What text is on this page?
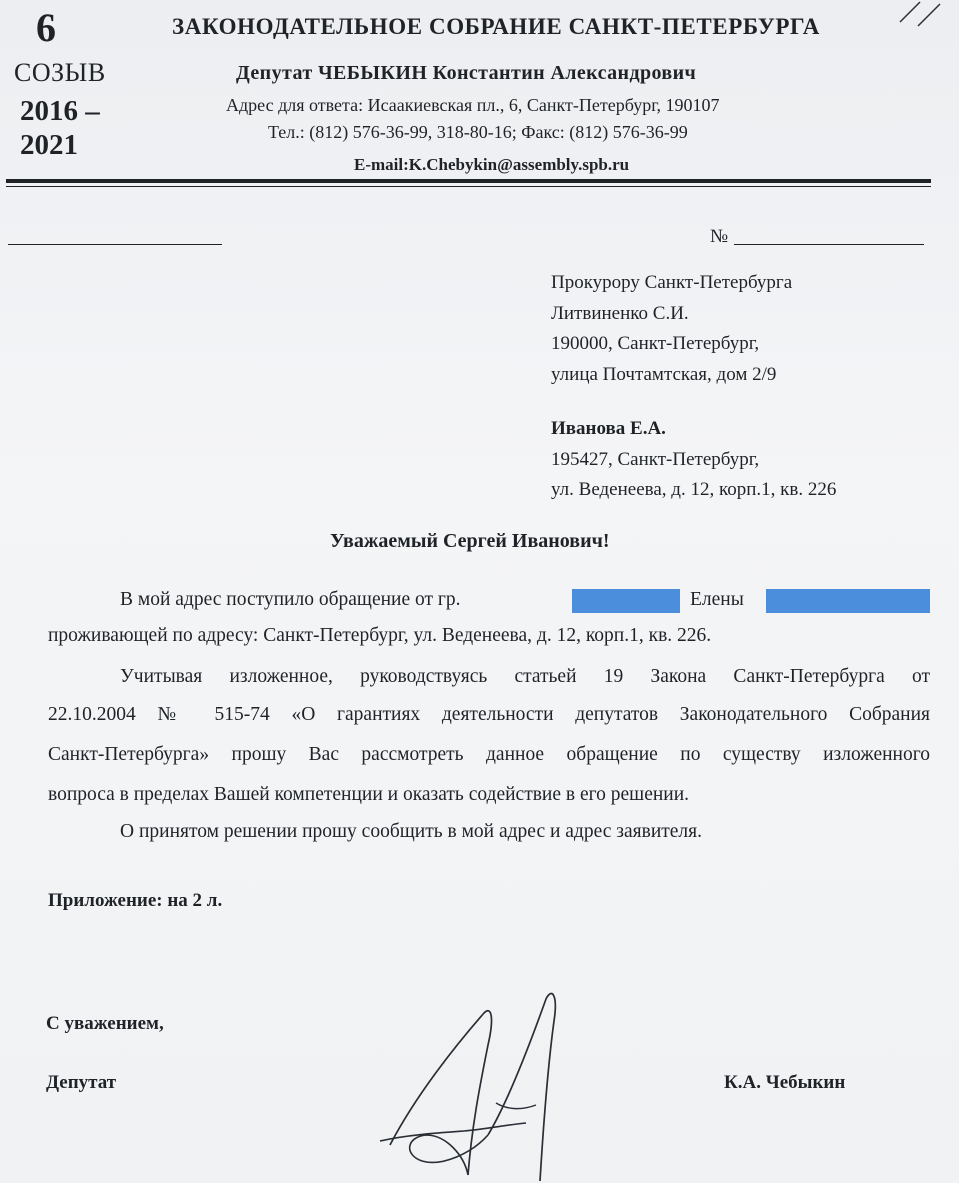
6
СОЗЫВ
2016 –
2021
ЗАКОНОДАТЕЛЬНОЕ СОБРАНИЕ САНКТ-ПЕТЕРБУРГА
Депутат ЧЕБЫКИН Константин Александрович
Адрес для ответа: Исаакиевская пл., 6, Санкт-Петербург, 190107
Тел.: (812) 576-36-99, 318-80-16; Факс: (812) 576-36-99
E-mail:K.Chebykin@assembly.spb.ru
№
Прокурору Санкт-Петербурга
Литвиненко С.И.
190000, Санкт-Петербург,
улица Почтамтская, дом 2/9
Иванова Е.А.
195427, Санкт-Петербург,
ул. Веденеева, д. 12, корп.1, кв. 226
Уважаемый Сергей Иванович!
В мой адрес поступило обращение от гр.	Елены
проживающей по адресу: Санкт-Петербург, ул. Веденеева, д. 12, корп.1, кв. 226.
Учитывая изложенное, руководствуясь статьей 19 Закона Санкт-Петербурга от
22.10.2004 № 515-74 «О гарантиях деятельности депутатов Законодательного Собрания
Санкт-Петербурга» прошу Вас рассмотреть данное обращение по существу изложенного
вопроса в пределах Вашей компетенции и оказать содействие в его решении.
О принятом решении прошу сообщить в мой адрес и адрес заявителя.
Приложение: на 2 л.
С уважением,
Депутат	К.А. Чебыкин
